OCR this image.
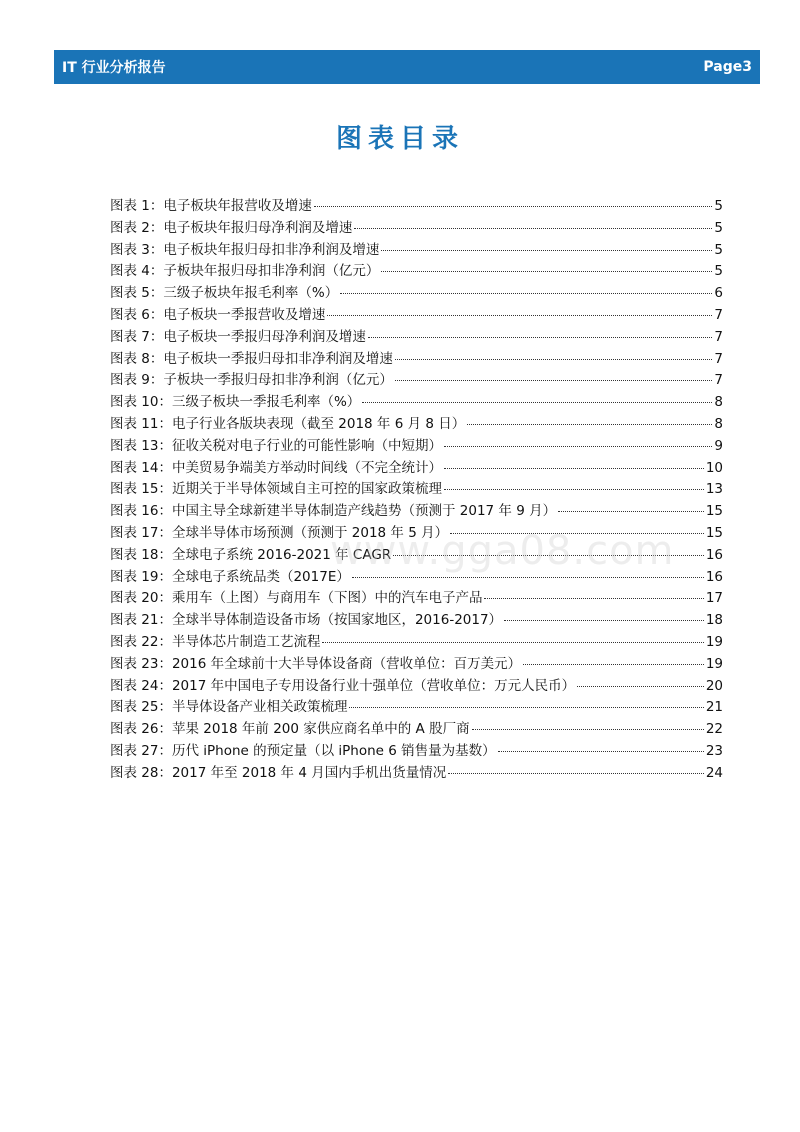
IT 行业分析报告	Page3
图表目录
图表 1：电子板块年报营收及增速	5
图表 2：电子板块年报归母净利润及增速	5
图表 3：电子板块年报归母扣非净利润及增速	5
图表 4：子板块年报归母扣非净利润（亿元）	5
图表 5：三级子板块年报毛利率（%）	6
图表 6：电子板块一季报营收及增速	7
图表 7：电子板块一季报归母净利润及增速	7
图表 8：电子板块一季报归母扣非净利润及增速	7
图表 9：子板块一季报归母扣非净利润（亿元）	7
图表 10：三级子板块一季报毛利率（%）	8
图表 11：电子行业各版块表现（截至 2018 年 6 月 8 日）	8
图表 13：征收关税对电子行业的可能性影响（中短期）	9
图表 14：中美贸易争端美方举动时间线（不完全统计）	10
图表 15：近期关于半导体领域自主可控的国家政策梳理	13
图表 16：中国主导全球新建半导体制造产线趋势（预测于 2017 年 9 月）	15
图表 17：全球半导体市场预测（预测于 2018 年 5 月）	15
图表 18：全球电子系统 2016-2021 年 CAGR	16
图表 19：全球电子系统品类（2017E）	16
图表 20：乘用车（上图）与商用车（下图）中的汽车电子产品	17
图表 21：全球半导体制造设备市场（按国家地区，2016-2017）	18
图表 22：半导体芯片制造工艺流程	19
图表 23：2016 年全球前十大半导体设备商（营收单位：百万美元）	19
图表 24：2017 年中国电子专用设备行业十强单位（营收单位：万元人民币）	20
图表 25：半导体设备产业相关政策梳理	21
图表 26：苹果 2018 年前 200 家供应商名单中的 A 股厂商	22
图表 27：历代 iPhone 的预定量（以 iPhone 6 销售量为基数）	23
图表 28：2017 年至 2018 年 4 月国内手机出货量情况	24
www.gga08.com
